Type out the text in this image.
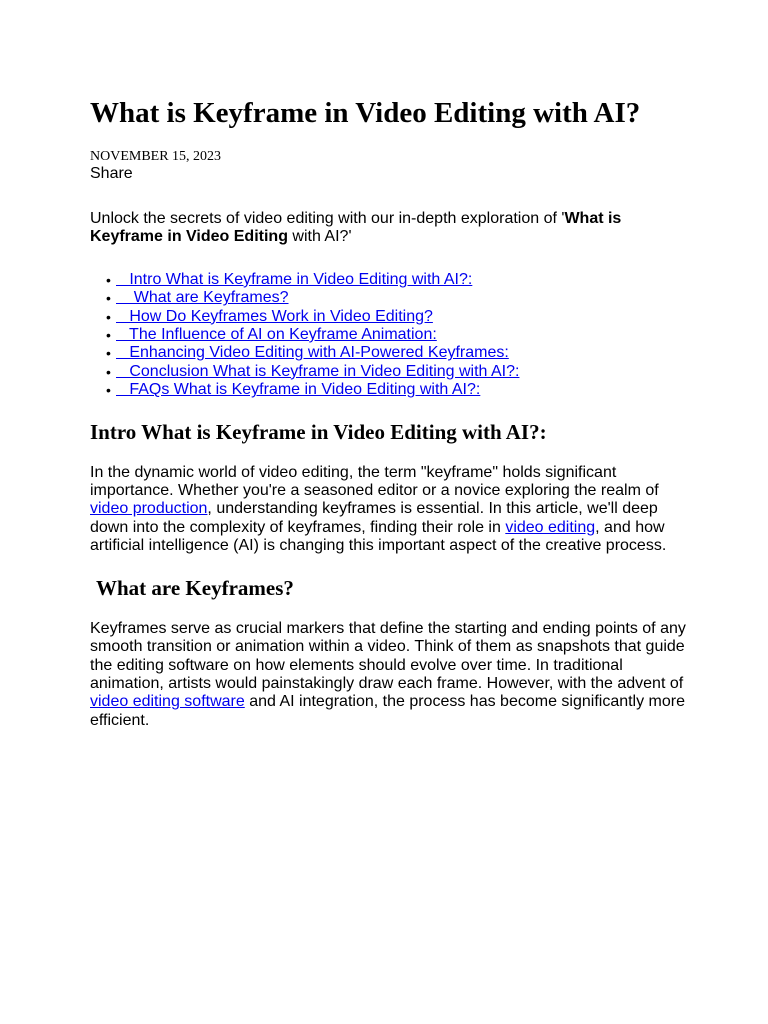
What is Keyframe in Video Editing with AI?
NOVEMBER 15, 2023
Share

Unlock the secrets of video editing with our in-depth exploration of 'What is Keyframe in Video Editing with AI?'

• Intro What is Keyframe in Video Editing with AI?:
• What are Keyframes?
• How Do Keyframes Work in Video Editing?
• The Influence of AI on Keyframe Animation:
• Enhancing Video Editing with AI-Powered Keyframes:
• Conclusion What is Keyframe in Video Editing with AI?:
• FAQs What is Keyframe in Video Editing with AI?:
Intro What is Keyframe in Video Editing with AI?:

In the dynamic world of video editing, the term "keyframe" holds significant importance. Whether you're a seasoned editor or a novice exploring the realm of video production, understanding keyframes is essential. In this article, we'll deep down into the complexity of keyframes, finding their role in video editing, and how artificial intelligence (AI) is changing this important aspect of the creative process.

What are Keyframes?

Keyframes serve as crucial markers that define the starting and ending points of any smooth transition or animation within a video. Think of them as snapshots that guide the editing software on how elements should evolve over time. In traditional animation, artists would painstakingly draw each frame. However, with the advent of video editing software and AI integration, the process has become significantly more efficient.
